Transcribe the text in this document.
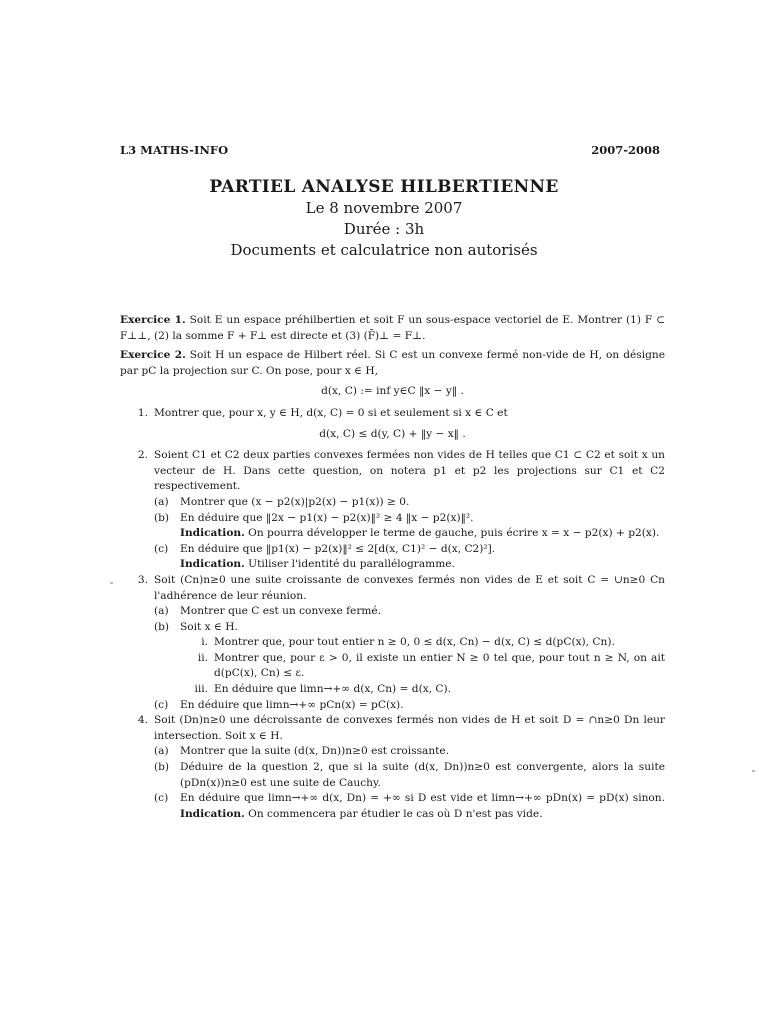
L3 MATHS-INFO	2007-2008

PARTIEL ANALYSE HILBERTIENNE

Le 8 novembre 2007

Durée : 3h

Documents et calculatrice non autorisés

Exercice 1. Soit E un espace préhilbertien et soit F un sous-espace vectoriel de E. Montrer (1) F ⊂ F⊥⊥, (2) la somme F + F⊥ est directe et (3) (F̄)⊥ = F⊥.

Exercice 2. Soit H un espace de Hilbert réel. Si C est un convexe fermé non-vide de H, on désigne par pC la projection sur C. On pose, pour x ∈ H,

d(x, C) := inf y∈C ‖x − y‖ .
1. Montrer que, pour x, y ∈ H, d(x, C) = 0 si et seulement si x ∈ C et
d(x, C) ≤ d(y, C) + ‖y − x‖ .
2. Soient C1 et C2 deux parties convexes fermées non vides de H telles que C1 ⊂ C2 et soit x un vecteur de H. Dans cette question, on notera p1 et p2 les projections sur C1 et C2 respectivement.
(a)	Montrer que (x − p2(x)|p2(x) − p1(x)) ≥ 0.
(b)	En déduire que ‖2x − p1(x) − p2(x)‖² ≥ 4 ‖x − p2(x)‖².
Indication. On pourra développer le terme de gauche, puis écrire x = x − p2(x) + p2(x).
(c)	En déduire que ‖p1(x) − p2(x)‖² ≤ 2[d(x, C1)² − d(x, C2)²].
Indication. Utiliser l'identité du parallélogramme.
3. Soit (Cn)n≥0 une suite croissante de convexes fermés non vides de E et soit C = ∪n≥0 Cn l'adhérence de leur réunion.
(a)	Montrer que C est un convexe fermé.
(b)	Soit x ∈ H.
i. Montrer que, pour tout entier n ≥ 0, 0 ≤ d(x, Cn) − d(x, C) ≤ d(pC(x), Cn).
ii. Montrer que, pour ε > 0, il existe un entier N ≥ 0 tel que, pour tout n ≥ N, on ait d(pC(x), Cn) ≤ ε.
iii. En déduire que limn→+∞ d(x, Cn) = d(x, C).
(c)	En déduire que limn→+∞ pCn(x) = pC(x).
4. Soit (Dn)n≥0 une décroissante de convexes fermés non vides de H et soit D = ∩n≥0 Dn leur intersection. Soit x ∈ H.
(a)	Montrer que la suite (d(x, Dn))n≥0 est croissante.
(b)	Déduire de la question 2, que si la suite (d(x, Dn))n≥0 est convergente, alors la suite (pDn(x))n≥0 est une suite de Cauchy.
(c)	En déduire que limn→+∞ d(x, Dn) = +∞ si D est vide et limn→+∞ pDn(x) = pD(x) sinon. Indication. On commencera par étudier le cas où D n'est pas vide.
